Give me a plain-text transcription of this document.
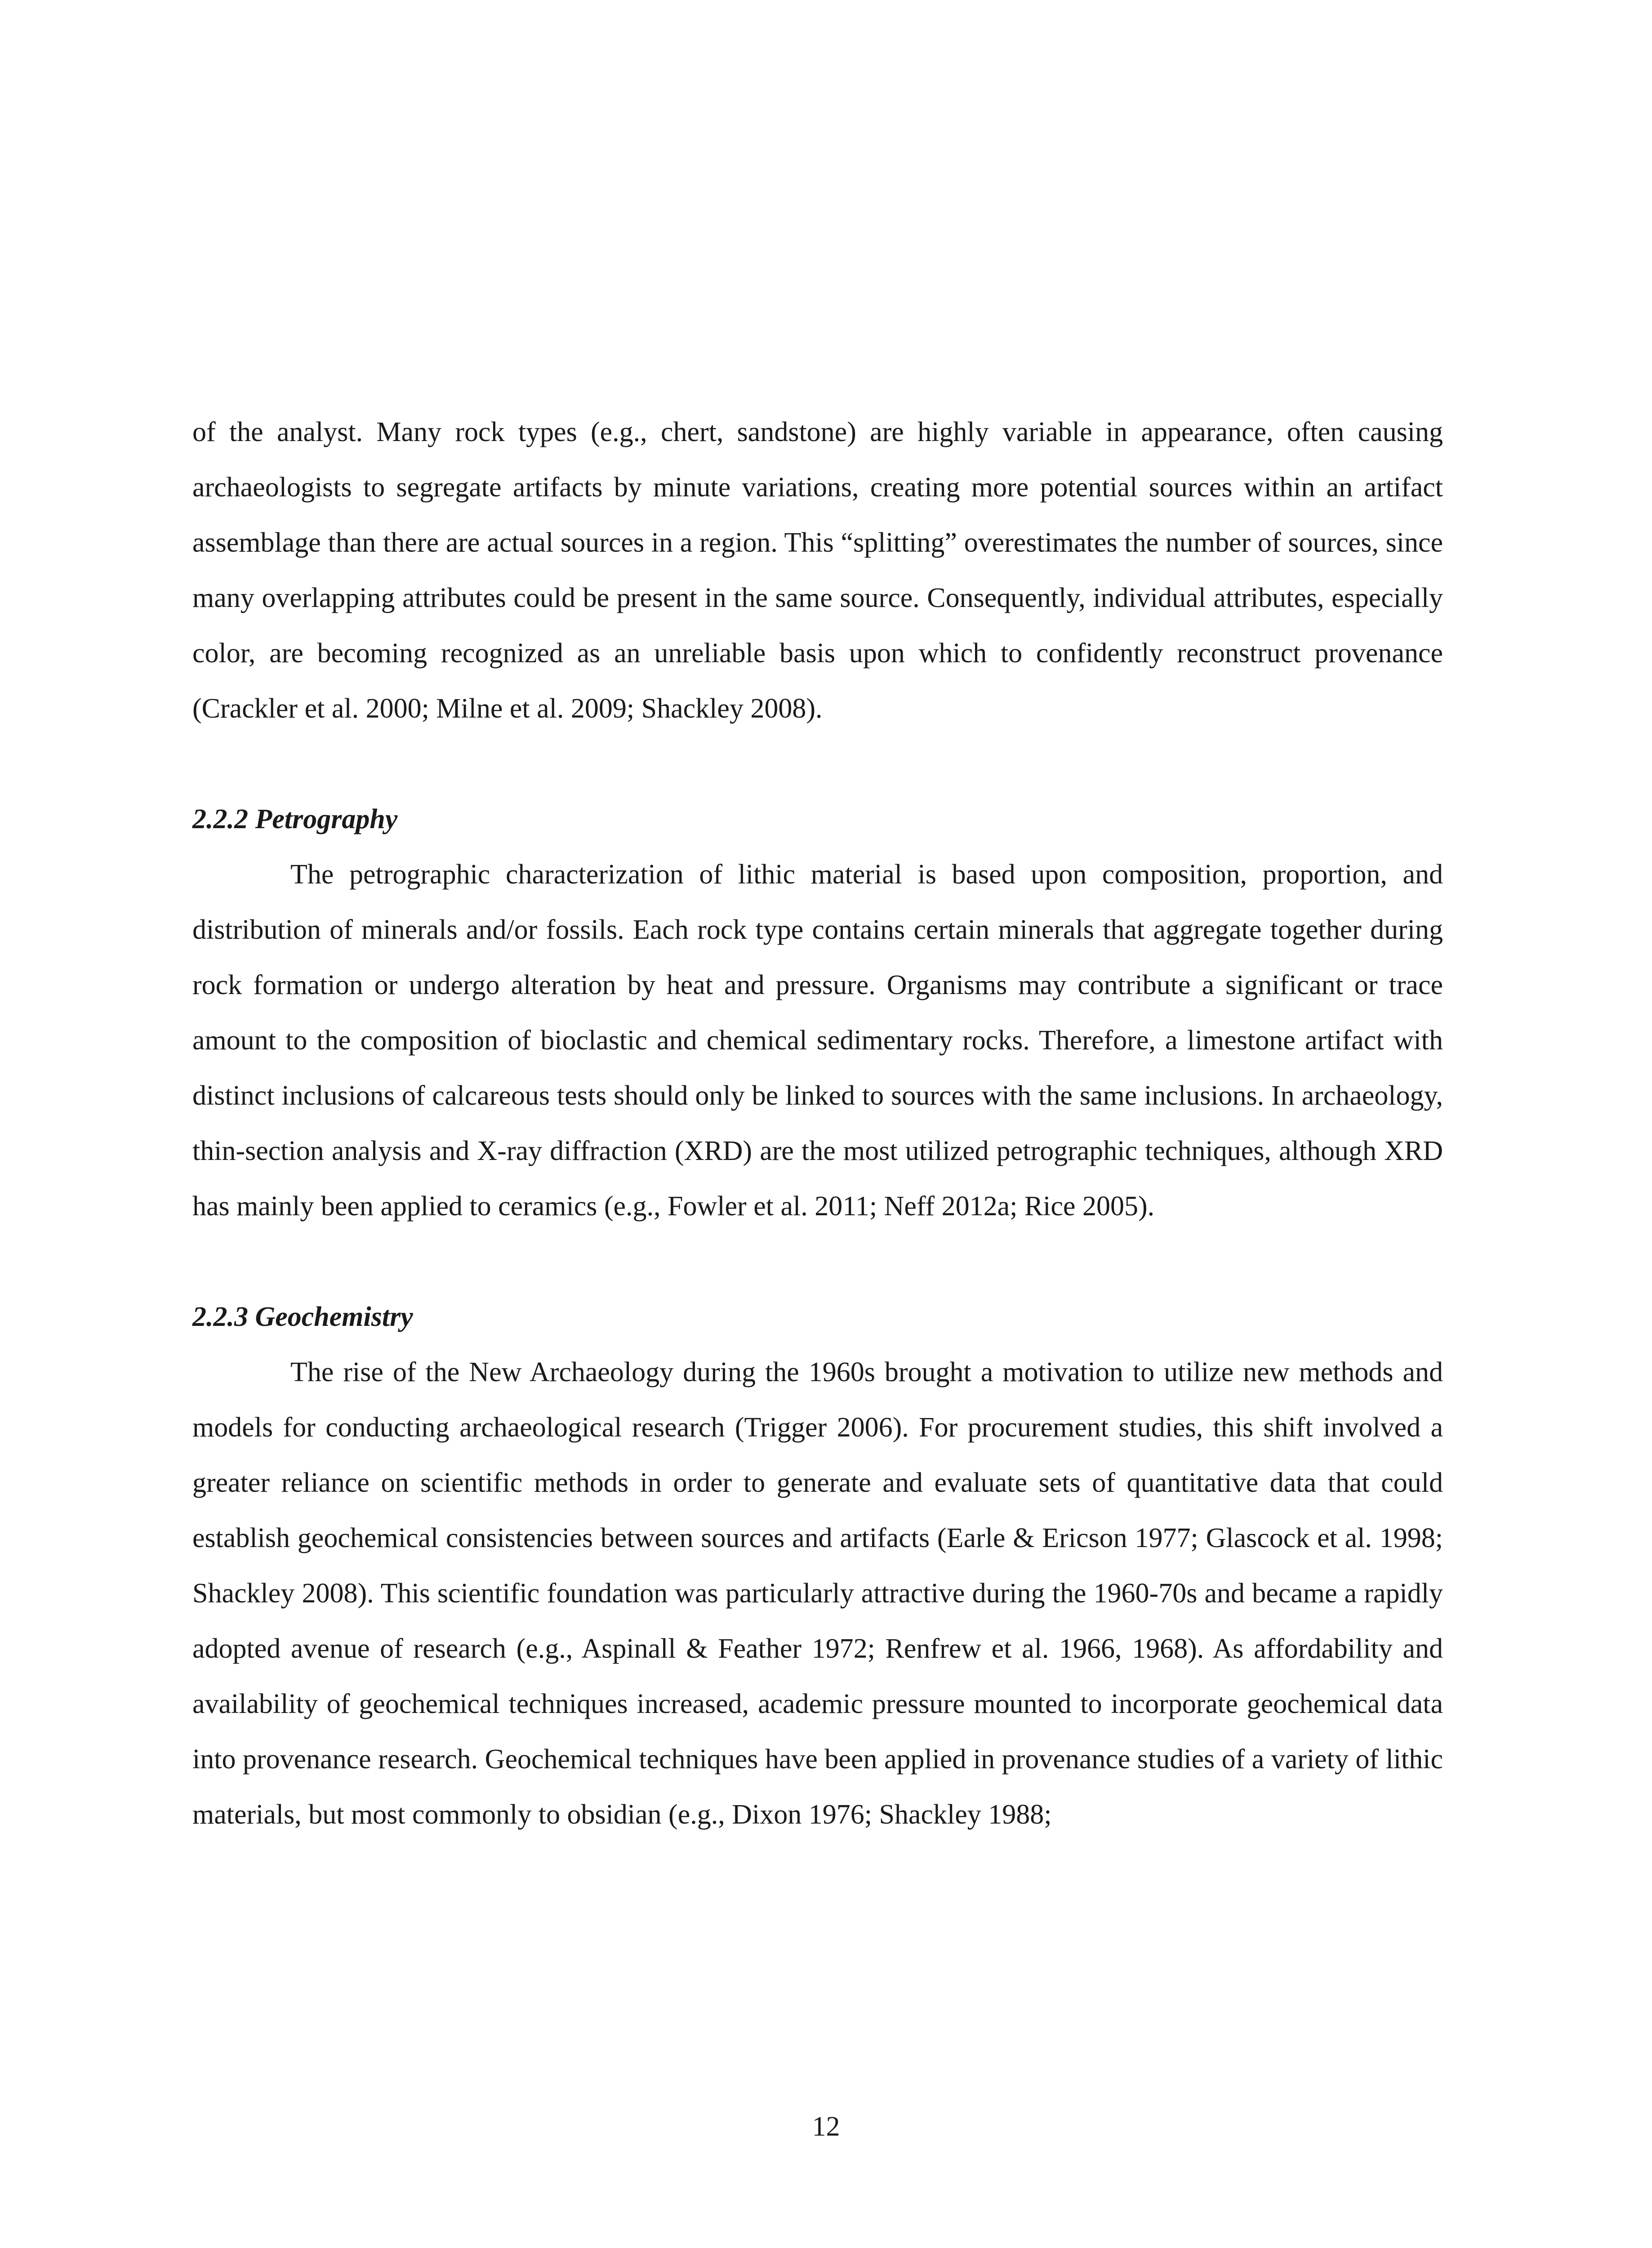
of the analyst. Many rock types (e.g., chert, sandstone) are highly variable in appearance, often causing archaeologists to segregate artifacts by minute variations, creating more potential sources within an artifact assemblage than there are actual sources in a region. This “splitting” overestimates the number of sources, since many overlapping attributes could be present in the same source. Consequently, individual attributes, especially color, are becoming recognized as an unreliable basis upon which to confidently reconstruct provenance (Crackler et al. 2000; Milne et al. 2009; Shackley 2008).

2.2.2 Petrography

The petrographic characterization of lithic material is based upon composition, proportion, and distribution of minerals and/or fossils. Each rock type contains certain minerals that aggregate together during rock formation or undergo alteration by heat and pressure. Organisms may contribute a significant or trace amount to the composition of bioclastic and chemical sedimentary rocks. Therefore, a limestone artifact with distinct inclusions of calcareous tests should only be linked to sources with the same inclusions. In archaeology, thin-section analysis and X-ray diffraction (XRD) are the most utilized petrographic techniques, although XRD has mainly been applied to ceramics (e.g., Fowler et al. 2011; Neff 2012a; Rice 2005).

2.2.3 Geochemistry

The rise of the New Archaeology during the 1960s brought a motivation to utilize new methods and models for conducting archaeological research (Trigger 2006). For procurement studies, this shift involved a greater reliance on scientific methods in order to generate and evaluate sets of quantitative data that could establish geochemical consistencies between sources and artifacts (Earle & Ericson 1977; Glascock et al. 1998; Shackley 2008). This scientific foundation was particularly attractive during the 1960-70s and became a rapidly adopted avenue of research (e.g., Aspinall & Feather 1972; Renfrew et al. 1966, 1968). As affordability and availability of geochemical techniques increased, academic pressure mounted to incorporate geochemical data into provenance research. Geochemical techniques have been applied in provenance studies of a variety of lithic materials, but most commonly to obsidian (e.g., Dixon 1976; Shackley 1988;

12
